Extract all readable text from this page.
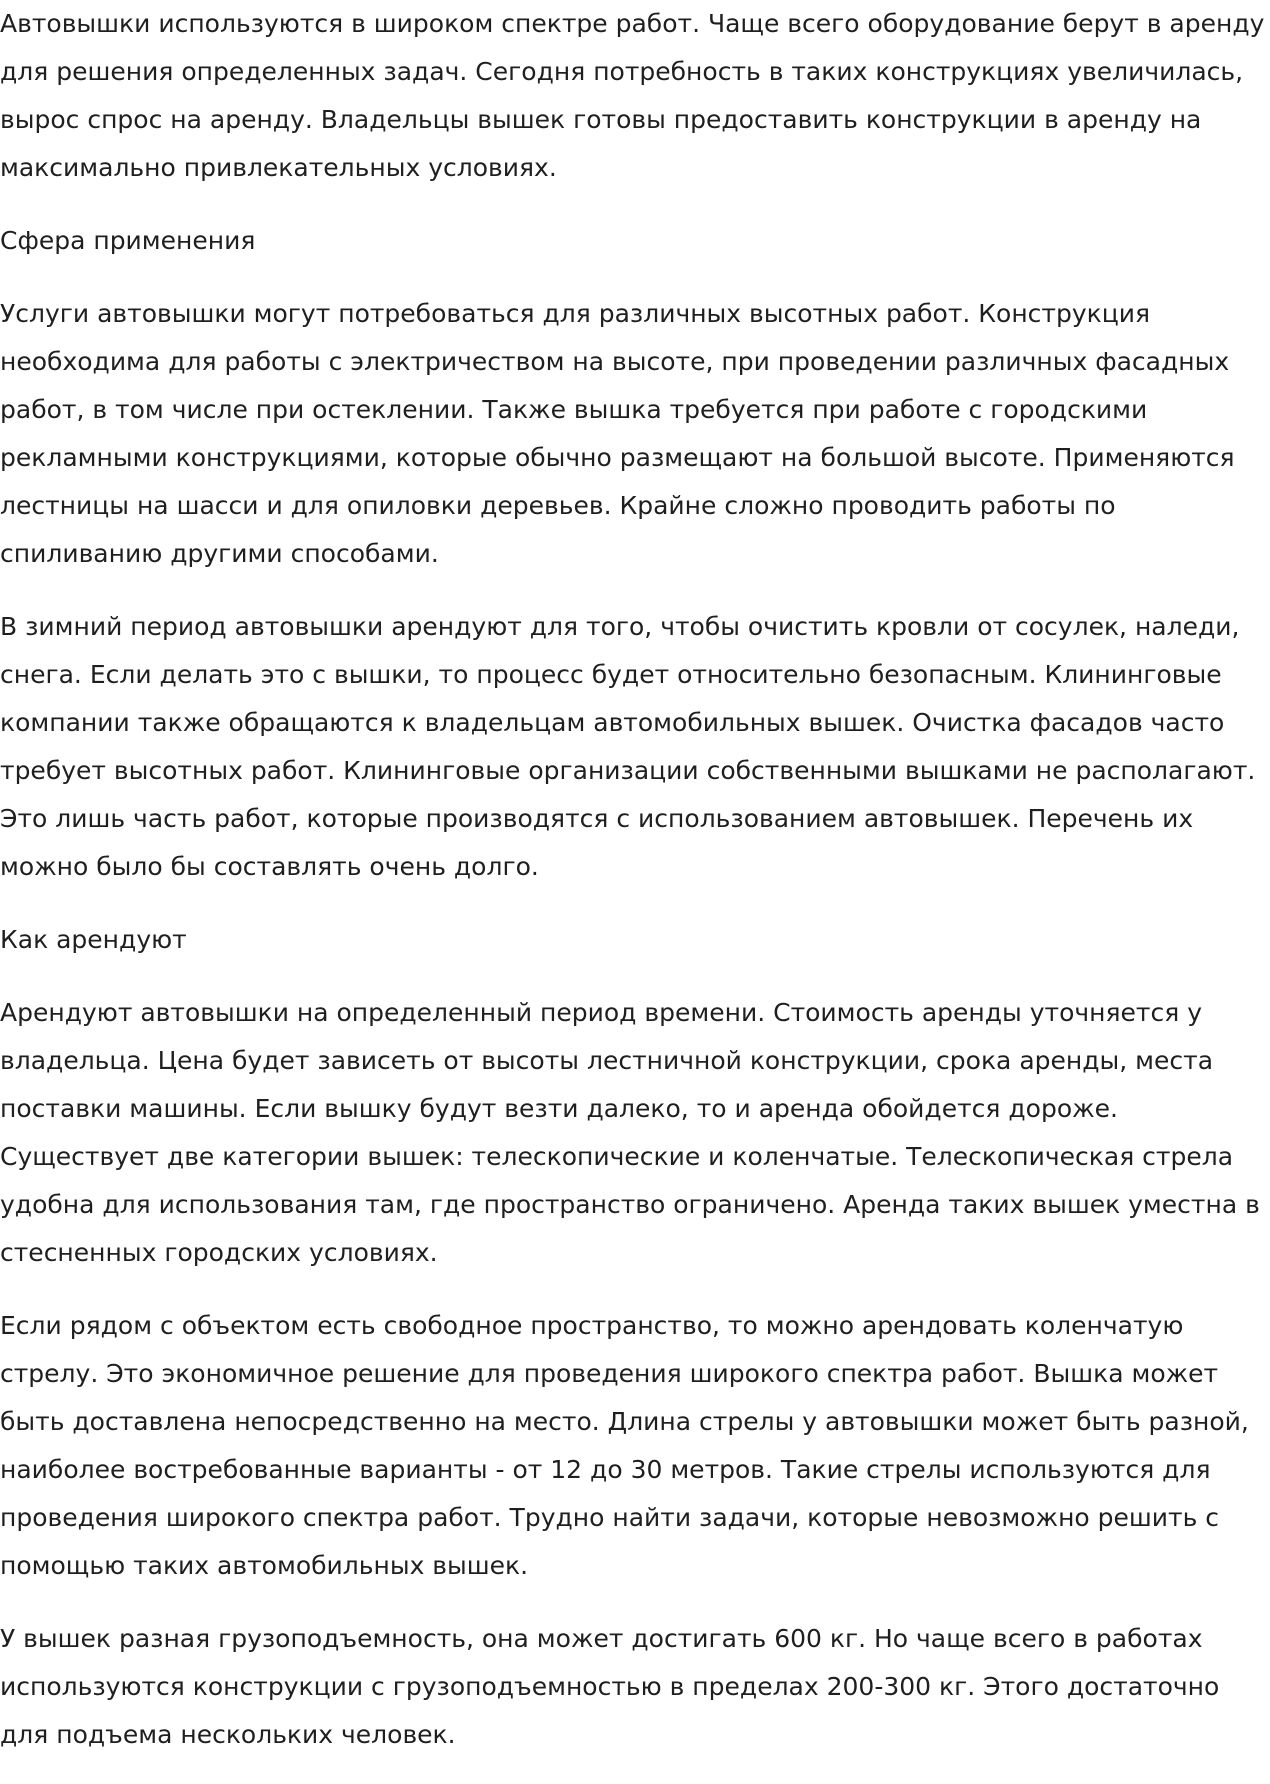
Автовышки используются в широком спектре работ. Чаще всего оборудование берут в аренду для решения определенных задач. Сегодня потребность в таких конструкциях увеличилась, вырос спрос на аренду. Владельцы вышек готовы предоставить конструкции в аренду на максимально привлекательных условиях.

Сфера применения

Услуги автовышки могут потребоваться для различных высотных работ. Конструкция необходима для работы с электричеством на высоте, при проведении различных фасадных работ, в том числе при остеклении. Также вышка требуется при работе с городскими рекламными конструкциями, которые обычно размещают на большой высоте. Применяются лестницы на шасси и для опиловки деревьев. Крайне сложно проводить работы по спиливанию другими способами.

В зимний период автовышки арендуют для того, чтобы очистить кровли от сосулек, наледи, снега. Если делать это с вышки, то процесс будет относительно безопасным. Клининговые компании также обращаются к владельцам автомобильных вышек. Очистка фасадов часто требует высотных работ. Клининговые организации собственными вышками не располагают. Это лишь часть работ, которые производятся с использованием автовышек. Перечень их можно было бы составлять очень долго.

Как арендуют

Арендуют автовышки на определенный период времени. Стоимость аренды уточняется у владельца. Цена будет зависеть от высоты лестничной конструкции, срока аренды, места поставки машины. Если вышку будут везти далеко, то и аренда обойдется дороже. Существует две категории вышек: телескопические и коленчатые. Телескопическая стрела удобна для использования там, где пространство ограничено. Аренда таких вышек уместна в стесненных городских условиях.

Если рядом с объектом есть свободное пространство, то можно арендовать коленчатую стрелу. Это экономичное решение для проведения широкого спектра работ. Вышка может быть доставлена непосредственно на место. Длина стрелы у автовышки может быть разной, наиболее востребованные варианты - от 12 до 30 метров. Такие стрелы используются для проведения широкого спектра работ. Трудно найти задачи, которые невозможно решить с помощью таких автомобильных вышек.

У вышек разная грузоподъемность, она может достигать 600 кг. Но чаще всего в работах используются конструкции с грузоподъемностью в пределах 200-300 кг. Этого достаточно для подъема нескольких человек.
